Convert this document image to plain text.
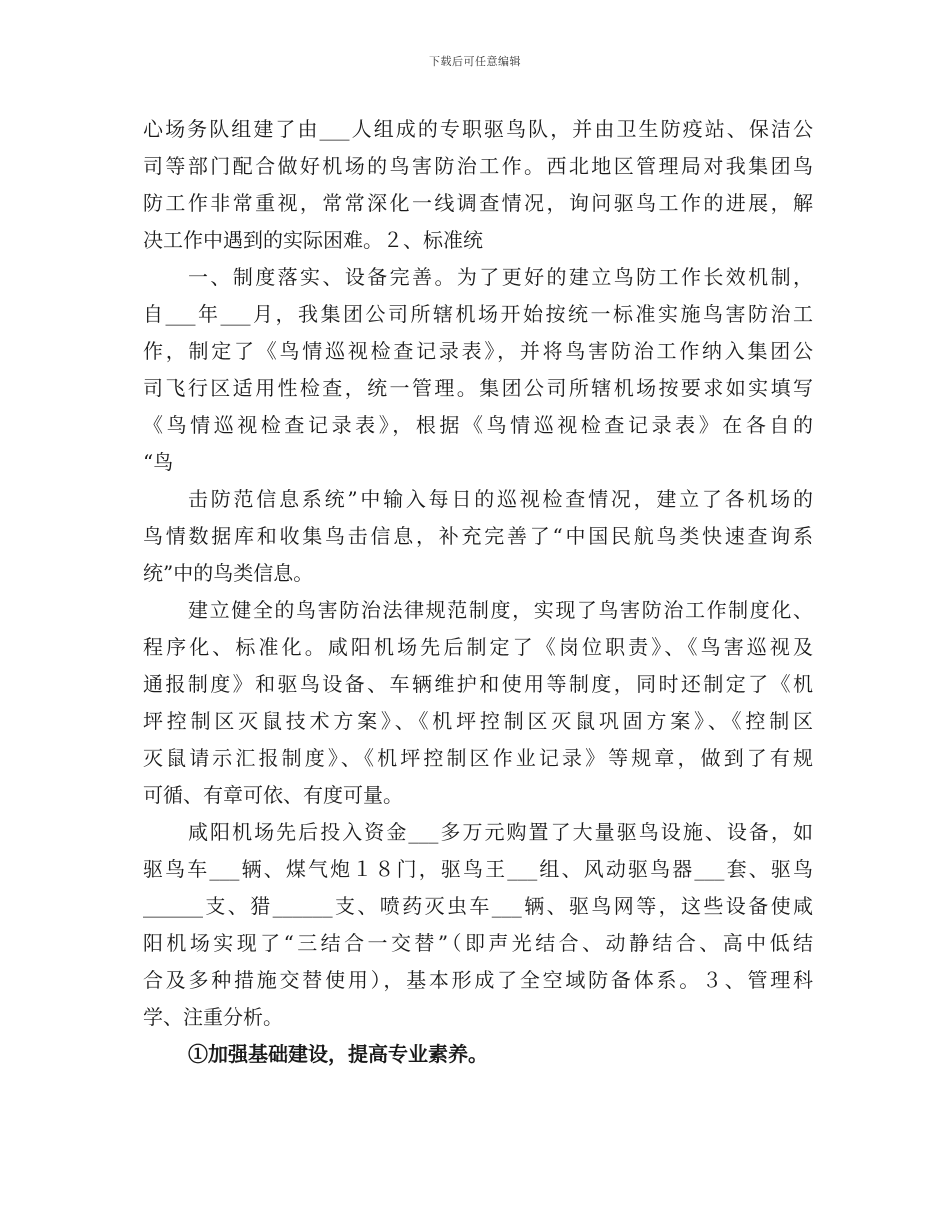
下载后可任意编辑
心场务队组建了由___人组成的专职驱鸟队，并由卫生防疫站、保洁公
司等部门配合做好机场的鸟害防治工作。西北地区管理局对我集团鸟
防工作非常重视，常常深化一线调查情况，询问驱鸟工作的进展，解
决工作中遇到的实际困难。２、标准统
一、制度落实、设备完善。为了更好的建立鸟防工作长效机制，
自___年___月，我集团公司所辖机场开始按统一标准实施鸟害防治工
作，制定了《鸟情巡视检查记录表》，并将鸟害防治工作纳入集团公
司飞行区适用性检查，统一管理。集团公司所辖机场按要求如实填写
《鸟情巡视检查记录表》，根据《鸟情巡视检查记录表》在各自的
“鸟
击防范信息系统”中输入每日的巡视检查情况，建立了各机场的
鸟情数据库和收集鸟击信息，补充完善了“中国民航鸟类快速查询系
统”中的鸟类信息。
建立健全的鸟害防治法律规范制度，实现了鸟害防治工作制度化、
程序化、标准化。咸阳机场先后制定了《岗位职责》、《鸟害巡视及
通报制度》和驱鸟设备、车辆维护和使用等制度，同时还制定了《机
坪控制区灭鼠技术方案》、《机坪控制区灭鼠巩固方案》、《控制区
灭鼠请示汇报制度》、《机坪控制区作业记录》等规章，做到了有规
可循、有章可依、有度可量。
咸阳机场先后投入资金___多万元购置了大量驱鸟设施、设备，如
驱鸟车___辆、煤气炮１８门，驱鸟王___组、风动驱鸟器___套、驱鸟
______支、猎______支、喷药灭虫车___辆、驱鸟网等，这些设备使咸
阳机场实现了“三结合一交替”（即声光结合、动静结合、高中低结
合及多种措施交替使用），基本形成了全空域防备体系。３、管理科
学、注重分析。
①加强基础建设，提高专业素养。
